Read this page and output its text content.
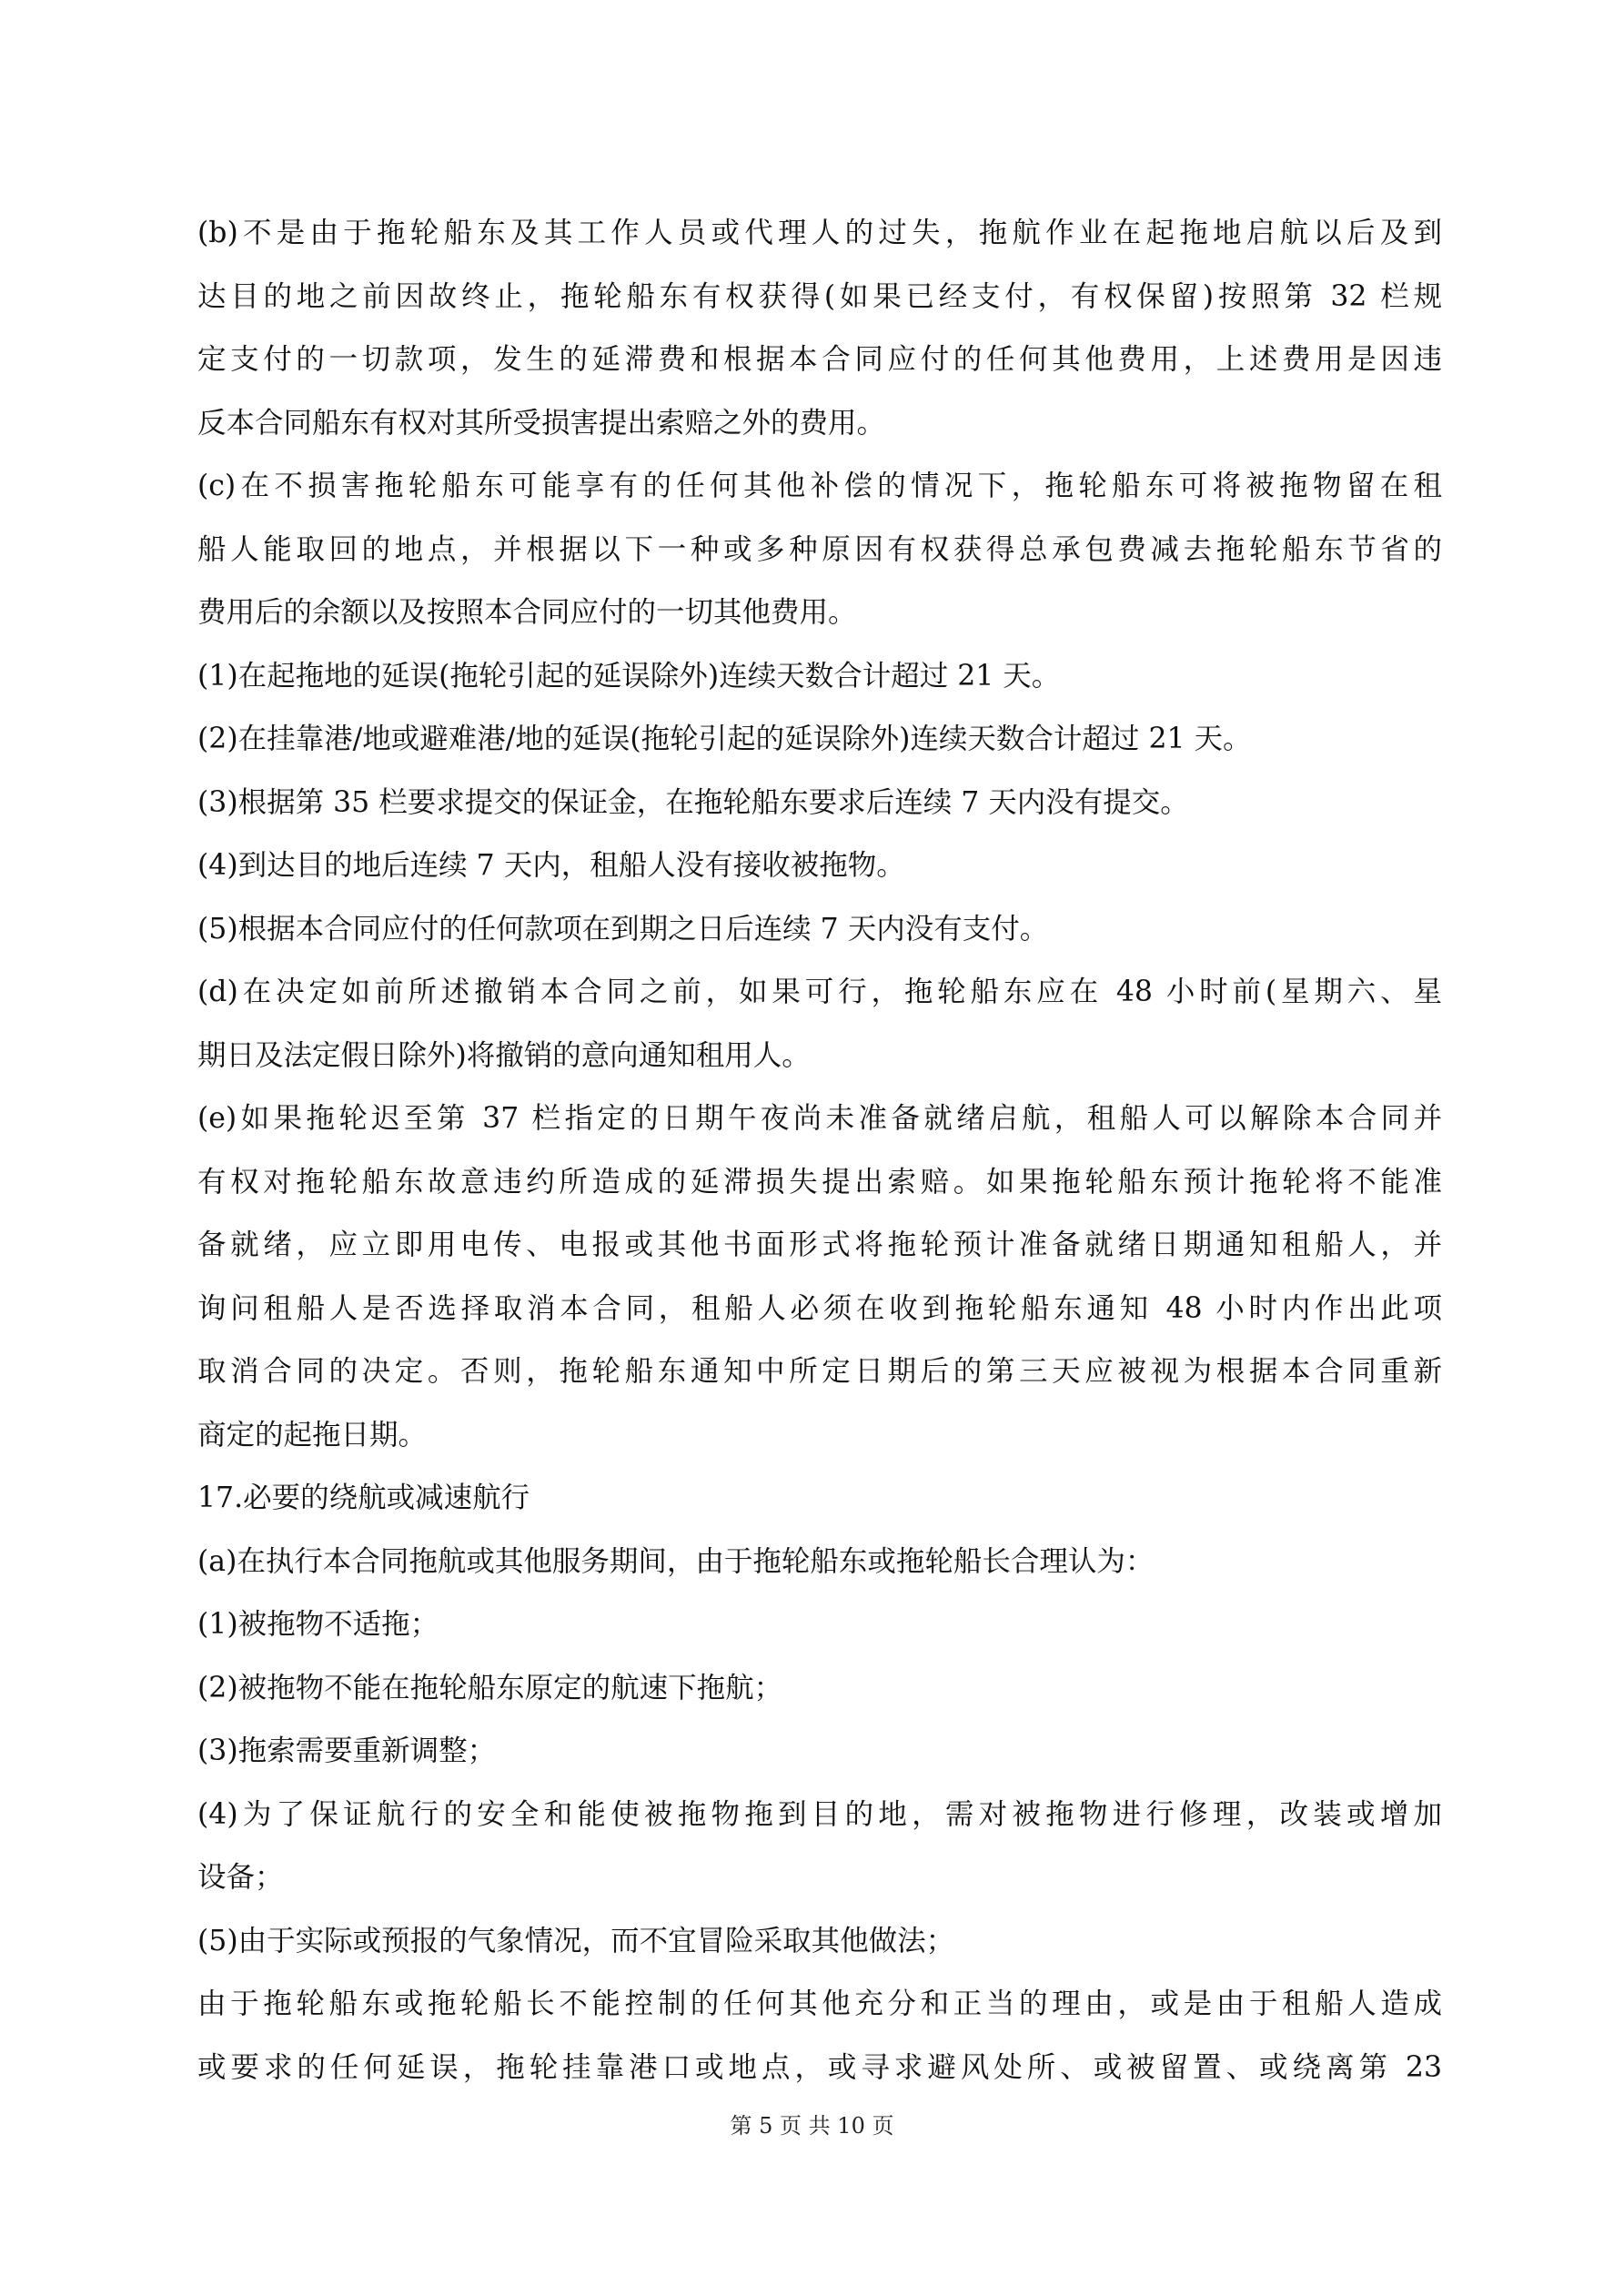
(b)不是由于拖轮船东及其工作人员或代理人的过失，拖航作业在起拖地启航以后及到
达目的地之前因故终止，拖轮船东有权获得(如果已经支付，有权保留)按照第 32 栏规
定支付的一切款项，发生的延滞费和根据本合同应付的任何其他费用，上述费用是因违
反本合同船东有权对其所受损害提出索赔之外的费用。
(c)在不损害拖轮船东可能享有的任何其他补偿的情况下，拖轮船东可将被拖物留在租
船人能取回的地点，并根据以下一种或多种原因有权获得总承包费减去拖轮船东节省的
费用后的余额以及按照本合同应付的一切其他费用。
(1)在起拖地的延误(拖轮引起的延误除外)连续天数合计超过 21 天。
(2)在挂靠港/地或避难港/地的延误(拖轮引起的延误除外)连续天数合计超过 21 天。
(3)根据第 35 栏要求提交的保证金，在拖轮船东要求后连续 7 天内没有提交。
(4)到达目的地后连续 7 天内，租船人没有接收被拖物。
(5)根据本合同应付的任何款项在到期之日后连续 7 天内没有支付。
(d)在决定如前所述撤销本合同之前，如果可行，拖轮船东应在 48 小时前(星期六、星
期日及法定假日除外)将撤销的意向通知租用人。
(e)如果拖轮迟至第 37 栏指定的日期午夜尚未准备就绪启航，租船人可以解除本合同并
有权对拖轮船东故意违约所造成的延滞损失提出索赔。如果拖轮船东预计拖轮将不能准
备就绪，应立即用电传、电报或其他书面形式将拖轮预计准备就绪日期通知租船人，并
询问租船人是否选择取消本合同，租船人必须在收到拖轮船东通知 48 小时内作出此项
取消合同的决定。否则，拖轮船东通知中所定日期后的第三天应被视为根据本合同重新
商定的起拖日期。
17.必要的绕航或减速航行
(a)在执行本合同拖航或其他服务期间，由于拖轮船东或拖轮船长合理认为：
(1)被拖物不适拖；
(2)被拖物不能在拖轮船东原定的航速下拖航；
(3)拖索需要重新调整；
(4)为了保证航行的安全和能使被拖物拖到目的地，需对被拖物进行修理，改装或增加
设备；
(5)由于实际或预报的气象情况，而不宜冒险采取其他做法；
由于拖轮船东或拖轮船长不能控制的任何其他充分和正当的理由，或是由于租船人造成
或要求的任何延误，拖轮挂靠港口或地点，或寻求避风处所、或被留置、或绕离第 23
第 5 页 共 10 页
